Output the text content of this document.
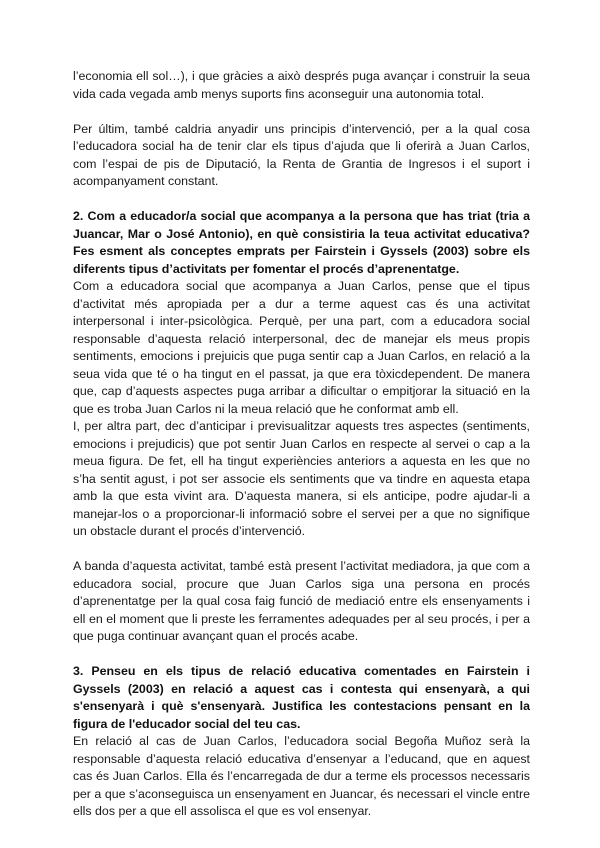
l’economia ell sol…), i que gràcies a això després puga avançar i construir la seua vida cada vegada amb menys suports fins aconseguir una autonomia total.

Per últim, també caldria anyadir uns principis d’intervenció, per a la qual cosa l’educadora social ha de tenir clar els tipus d’ajuda que li oferirà a Juan Carlos, com l’espai de pis de Diputació, la Renta de Grantia de Ingresos i el suport i acompanyament constant.

2. Com a educador/a social que acompanya a la persona que has triat (tria a Juancar, Mar o José Antonio), en què consistiria la teua activitat educativa? Fes esment als conceptes emprats per Fairstein i Gyssels (2003) sobre els diferents tipus d’activitats per fomentar el procés d’aprenentatge.

Com a educadora social que acompanya a Juan Carlos, pense que el tipus d’activitat més apropiada per a dur a terme aquest cas és una activitat interpersonal i inter-psicològica. Perquè, per una part, com a educadora social responsable d’aquesta relació interpersonal, dec de manejar els meus propis sentiments, emocions i prejuicis que puga sentir cap a Juan Carlos, en relació a la seua vida que té o ha tingut en el passat, ja que era tòxicdependent. De manera que, cap d’aquests aspectes puga arribar a dificultar o empitjorar la situació en la que es troba Juan Carlos ni la meua relació que he conformat amb ell.

I, per altra part, dec d’anticipar i previsualitzar aquests tres aspectes (sentiments, emocions i prejudicis) que pot sentir Juan Carlos en respecte al servei o cap a la meua figura. De fet, ell ha tingut experiències anteriors a aquesta en les que no s’ha sentit agust, i pot ser associe els sentiments que va tindre en aquesta etapa amb la que esta vivint ara. D’aquesta manera, si els anticipe, podre ajudar-li a manejar-los o a proporcionar-li informació sobre el servei per a que no signifique un obstacle durant el procés d’intervenció.

A banda d’aquesta activitat, també està present l’activitat mediadora, ja que com a educadora social, procure que Juan Carlos siga una persona en procés d’aprenentatge per la qual cosa faig funció de mediació entre els ensenyaments i ell en el moment que li preste les ferramentes adequades per al seu procés, i per a que puga continuar avançant quan el procés acabe.

3. Penseu en els tipus de relació educativa comentades en Fairstein i Gyssels (2003) en relació a aquest cas i contesta qui ensenyarà, a qui s'ensenyarà i què s'ensenyarà. Justifica les contestacions pensant en la figura de l'educador social del teu cas.

En relació al cas de Juan Carlos, l’educadora social Begoña Muñoz serà la responsable d’aquesta relació educativa d’ensenyar a l’educand, que en aquest cas és Juan Carlos. Ella és l’encarregada de dur a terme els processos necessaris per a que s’aconseguisca un ensenyament en Juancar, és necessari el vincle entre ells dos per a que ell assolisca el que es vol ensenyar.
